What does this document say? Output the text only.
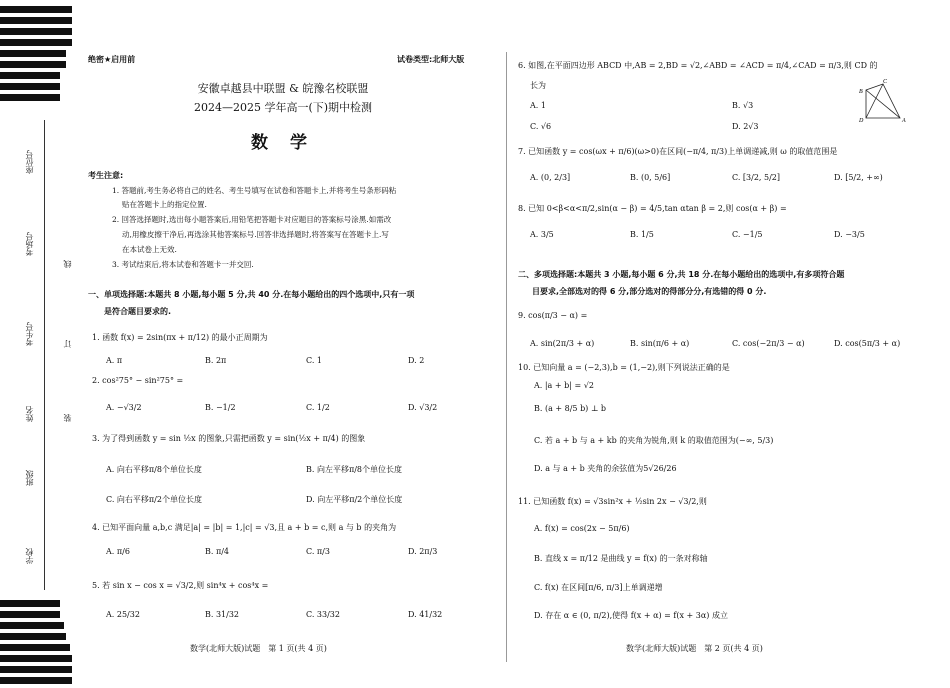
座位号
考场号
考生号
姓名
班级
学校
线
订
装
绝密★启用前	试卷类型:北师大版
安徽卓越县中联盟 & 皖豫名校联盟
2024—2025 学年高一(下)期中检测
数 学
考生注意:
1. 答题前,考生务必将自己的姓名、考生号填写在试卷和答题卡上,并将考生号条形码粘
贴在答题卡上的指定位置.
2. 回答选择题时,选出每小题答案后,用铅笔把答题卡对应题目的答案标号涂黑.如需改
动,用橡皮擦干净后,再选涂其他答案标号.回答非选择题时,将答案写在答题卡上.写
在本试卷上无效.
3. 考试结束后,将本试卷和答题卡一并交回.
一、单项选择题:本题共 8 小题,每小题 5 分,共 40 分.在每小题给出的四个选项中,只有一项
是符合题目要求的.
1. 函数 f(x) = 2sin(πx + π/12) 的最小正周期为
A. π	B. 2π	C. 1	D. 2
2. cos²75° − sin²75° =
A. −√3/2	B. −1/2	C. 1/2	D. √3/2
3. 为了得到函数 y = sin ½x 的图象,只需把函数 y = sin(½x + π/4) 的图象
A. 向右平移π/8个单位长度	B. 向左平移π/8个单位长度
C. 向右平移π/2个单位长度	D. 向左平移π/2个单位长度
4. 已知平面向量 a,b,c 满足|a| = |b| = 1,|c| = √3,且 a + b = c,则 a 与 b 的夹角为
A. π/6	B. π/4	C. π/3	D. 2π/3
5. 若 sin x − cos x = √3/2,则 sin⁴x + cos⁴x =
A. 25/32	B. 31/32	C. 33/32	D. 41/32
数学(北师大版)试题　第 1 页(共 4 页)
6. 如图,在平面四边形 ABCD 中,AB = 2,BD = √2,∠ABD = ∠ACD = π/4,∠CAD = π/3,则 CD 的
长为
A. 1	B. √3
C. √6	D. 2√3
B
C
D	A
7. 已知函数 y = cos(ωx + π/6)(ω>0)在区间(−π/4, π/3)上单调递减,则 ω 的取值范围是
A. (0, 2/3]	B. (0, 5/6]	C. [3/2, 5/2]	D. [5/2, +∞)
8. 已知 0<β<α<π/2,sin(α − β) = 4/5,tan αtan β = 2,则 cos(α + β) =
A. 3/5	B. 1/5	C. −1/5	D. −3/5
二、多项选择题:本题共 3 小题,每小题 6 分,共 18 分.在每小题给出的选项中,有多项符合题
目要求,全部选对的得 6 分,部分选对的得部分分,有选错的得 0 分.
9. cos(π/3 − α) =
A. sin(2π/3 + α)	B. sin(π/6 + α)	C. cos(−2π/3 − α)	D. cos(5π/3 + α)
10. 已知向量 a = (−2,3),b = (1,−2),则下列说法正确的是
A. |a + b| = √2
B. (a + 8/5 b) ⊥ b
C. 若 a + b 与 a + kb 的夹角为锐角,则 k 的取值范围为(−∞, 5/3)
D. a 与 a + b 夹角的余弦值为5√26/26
11. 已知函数 f(x) = √3sin²x + ½sin 2x − √3/2,则
A. f(x) = cos(2x − 5π/6)
B. 直线 x = π/12 是曲线 y = f(x) 的一条对称轴
C. f(x) 在区间[π/6, π/3]上单调递增
D. 存在 α ∈ (0, π/2),使得 f(x + α) = f(x + 3α) 成立
数学(北师大版)试题　第 2 页(共 4 页)
